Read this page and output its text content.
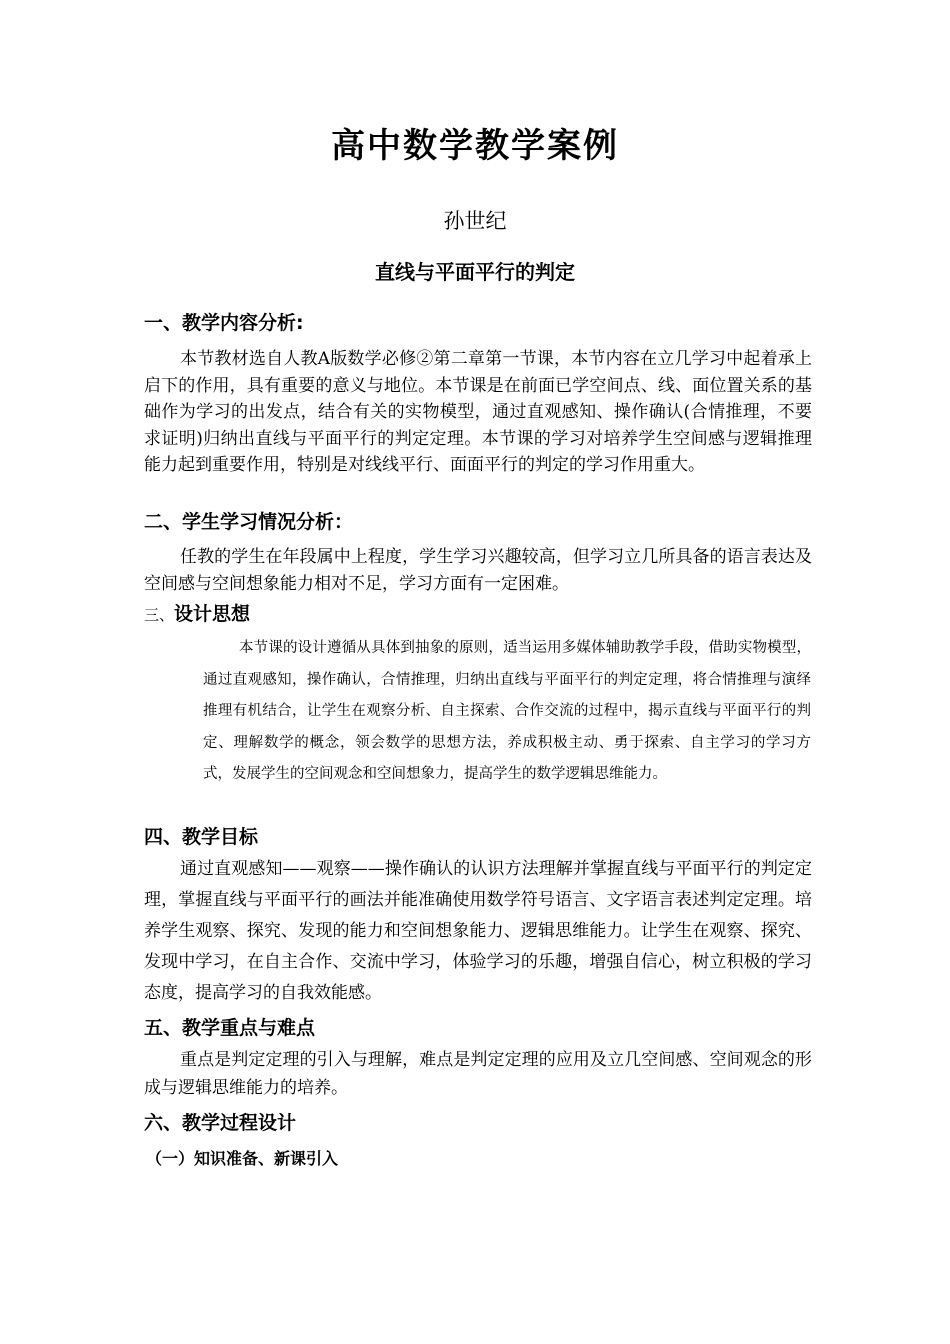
高中数学教学案例
孙世纪
直线与平面平行的判定
一、教学内容分析:
本节教材选自人教A版数学必修②第二章第一节课，本节内容在立几学习中起着承上启下的作用，具有重要的意义与地位。本节课是在前面已学空间点、线、面位置关系的基础作为学习的出发点，结合有关的实物模型，通过直观感知、操作确认(合情推理，不要求证明)归纳出直线与平面平行的判定定理。本节课的学习对培养学生空间感与逻辑推理能力起到重要作用，特别是对线线平行、面面平行的判定的学习作用重大。
二、学生学习情况分析：
任教的学生在年段属中上程度，学生学习兴趣较高，但学习立几所具备的语言表达及空间感与空间想象能力相对不足，学习方面有一定困难。
三、设计思想
本节课的设计遵循从具体到抽象的原则，适当运用多媒体辅助教学手段，借助实物模型，通过直观感知，操作确认，合情推理，归纳出直线与平面平行的判定定理，将合情推理与演绎推理有机结合，让学生在观察分析、自主探索、合作交流的过程中，揭示直线与平面平行的判定、理解数学的概念，领会数学的思想方法，养成积极主动、勇于探索、自主学习的学习方式，发展学生的空间观念和空间想象力，提高学生的数学逻辑思维能力。
四、教学目标
通过直观感知——观察——操作确认的认识方法理解并掌握直线与平面平行的判定定理，掌握直线与平面平行的画法并能准确使用数学符号语言、文字语言表述判定定理。培养学生观察、探究、发现的能力和空间想象能力、逻辑思维能力。让学生在观察、探究、发现中学习，在自主合作、交流中学习，体验学习的乐趣，增强自信心，树立积极的学习态度，提高学习的自我效能感。
五、教学重点与难点
重点是判定定理的引入与理解，难点是判定定理的应用及立几空间感、空间观念的形成与逻辑思维能力的培养。
六、教学过程设计
（一）知识准备、新课引入
